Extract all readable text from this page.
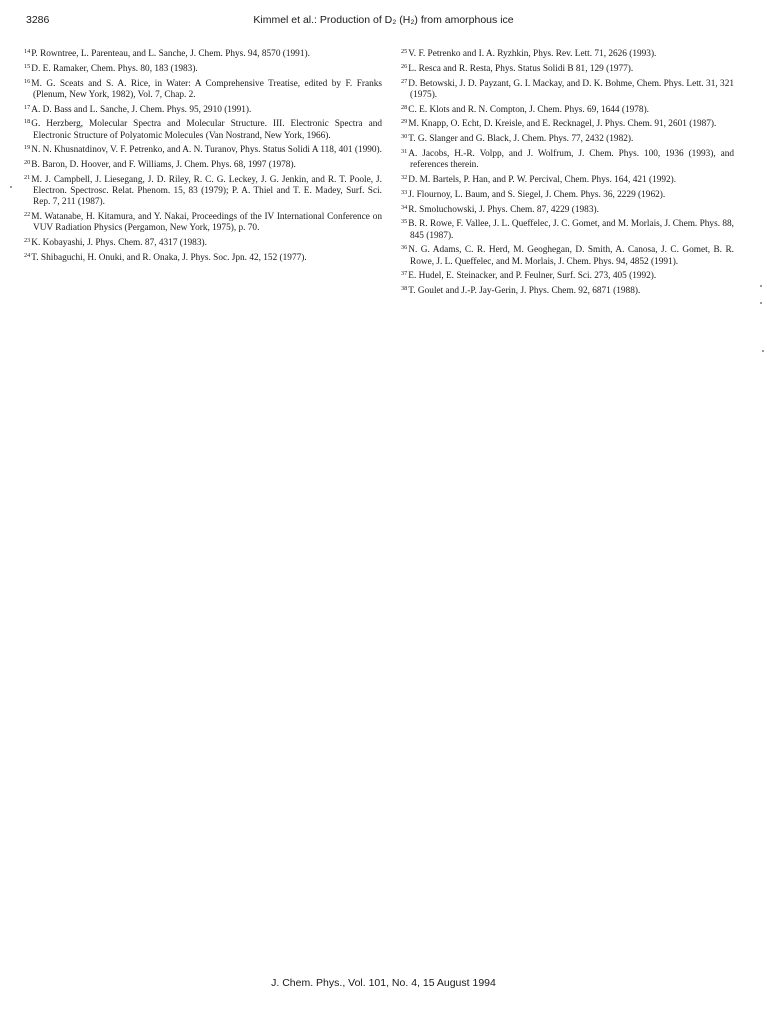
3286	Kimmel et al.: Production of D₂ (H₂) from amorphous ice

$^{14}$P. Rowntree, L. Parenteau, and L. Sanche, J. Chem. Phys. 94, 8570 (1991).

$^{15}$D. E. Ramaker, Chem. Phys. 80, 183 (1983).

$^{16}$M. G. Sceats and S. A. Rice, in Water: A Comprehensive Treatise, edited by F. Franks (Plenum, New York, 1982), Vol. 7, Chap. 2.

$^{17}$A. D. Bass and L. Sanche, J. Chem. Phys. 95, 2910 (1991).

$^{18}$G. Herzberg, Molecular Spectra and Molecular Structure. III. Electronic Spectra and Electronic Structure of Polyatomic Molecules (Van Nostrand, New York, 1966).

$^{19}$N. N. Khusnatdinov, V. F. Petrenko, and A. N. Turanov, Phys. Status Solidi A 118, 401 (1990).

$^{20}$B. Baron, D. Hoover, and F. Williams, J. Chem. Phys. 68, 1997 (1978).

$^{21}$M. J. Campbell, J. Liesegang, J. D. Riley, R. C. G. Leckey, J. G. Jenkin, and R. T. Poole, J. Electron. Spectrosc. Relat. Phenom. 15, 83 (1979); P. A. Thiel and T. E. Madey, Surf. Sci. Rep. 7, 211 (1987).

$^{22}$M. Watanabe, H. Kitamura, and Y. Nakai, Proceedings of the IV International Conference on VUV Radiation Physics (Pergamon, New York, 1975), p. 70.

$^{23}$K. Kobayashi, J. Phys. Chem. 87, 4317 (1983).

$^{24}$T. Shibaguchi, H. Onuki, and R. Onaka, J. Phys. Soc. Jpn. 42, 152 (1977).

$^{25}$V. F. Petrenko and I. A. Ryzhkin, Phys. Rev. Lett. 71, 2626 (1993).

$^{26}$L. Resca and R. Resta, Phys. Status Solidi B 81, 129 (1977).

$^{27}$D. Betowski, J. D. Payzant, G. I. Mackay, and D. K. Bohme, Chem. Phys. Lett. 31, 321 (1975).

$^{28}$C. E. Klots and R. N. Compton, J. Chem. Phys. 69, 1644 (1978).

$^{29}$M. Knapp, O. Echt, D. Kreisle, and E. Recknagel, J. Phys. Chem. 91, 2601 (1987).

$^{30}$T. G. Slanger and G. Black, J. Chem. Phys. 77, 2432 (1982).

$^{31}$A. Jacobs, H.-R. Volpp, and J. Wolfrum, J. Chem. Phys. 100, 1936 (1993), and references therein.

$^{32}$D. M. Bartels, P. Han, and P. W. Percival, Chem. Phys. 164, 421 (1992).

$^{33}$J. Flournoy, L. Baum, and S. Siegel, J. Chem. Phys. 36, 2229 (1962).

$^{34}$R. Smoluchowski, J. Phys. Chem. 87, 4229 (1983).

$^{35}$B. R. Rowe, F. Vallee, J. L. Queffelec, J. C. Gomet, and M. Morlais, J. Chem. Phys. 88, 845 (1987).

$^{36}$N. G. Adams, C. R. Herd, M. Geoghegan, D. Smith, A. Canosa, J. C. Gomet, B. R. Rowe, J. L. Queffelec, and M. Morlais, J. Chem. Phys. 94, 4852 (1991).

$^{37}$E. Hudel, E. Steinacker, and P. Feulner, Surf. Sci. 273, 405 (1992).

$^{38}$T. Goulet and J.-P. Jay-Gerin, J. Phys. Chem. 92, 6871 (1988).

J. Chem. Phys., Vol. 101, No. 4, 15 August 1994
